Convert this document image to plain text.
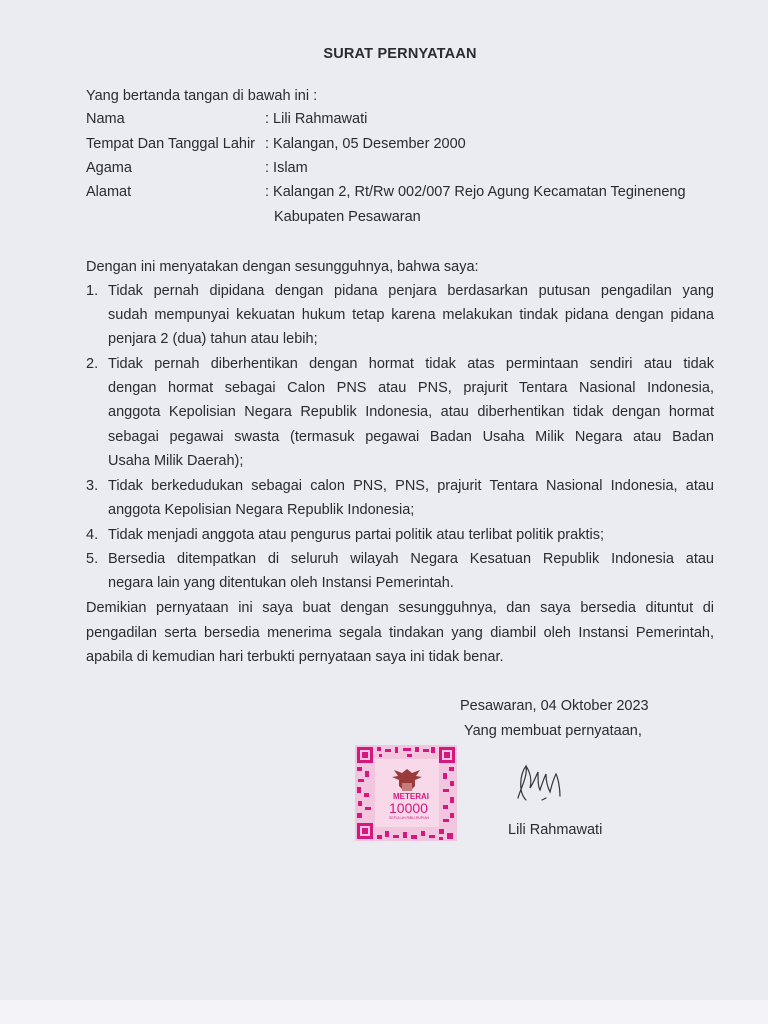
SURAT PERNYATAAN
Yang bertanda tangan di bawah ini :
Nama	: Lili Rahmawati
Tempat Dan Tanggal Lahir : Kalangan, 05 Desember 2000
Agama	: Islam
Alamat	: Kalangan 2, Rt/Rw 002/007 Rejo Agung Kecamatan Tegineneng
Kabupaten Pesawaran
Dengan ini menyatakan dengan sesungguhnya, bahwa saya:
1. Tidak pernah dipidana dengan pidana penjara berdasarkan putusan pengadilan yang
sudah mempunyai kekuatan hukum tetap karena melakukan tindak pidana dengan pidana
penjara 2 (dua) tahun atau lebih;
2. Tidak pernah diberhentikan dengan hormat tidak atas permintaan sendiri atau tidak
dengan hormat sebagai Calon PNS atau PNS, prajurit Tentara Nasional Indonesia,
anggota Kepolisian Negara Republik Indonesia, atau diberhentikan tidak dengan hormat
sebagai pegawai swasta (termasuk pegawai Badan Usaha Milik Negara atau Badan
Usaha Milik Daerah);
3. Tidak berkedudukan sebagai calon PNS, PNS, prajurit Tentara Nasional Indonesia, atau
anggota Kepolisian Negara Republik Indonesia;
4. Tidak menjadi anggota atau pengurus partai politik atau terlibat politik praktis;
5. Bersedia ditempatkan di seluruh wilayah Negara Kesatuan Republik Indonesia atau
negara lain yang ditentukan oleh Instansi Pemerintah.
Demikian pernyataan ini saya buat dengan sesungguhnya, dan saya bersedia dituntut di
pengadilan serta bersedia menerima segala tindakan yang diambil oleh Instansi Pemerintah,
apabila di kemudian hari terbukti pernyataan saya ini tidak benar.
Pesawaran, 04 Oktober 2023
Yang membuat pernyataan,
METERAI
10000
SEPULUH RIBU RUPIAH
Lili Rahmawati
